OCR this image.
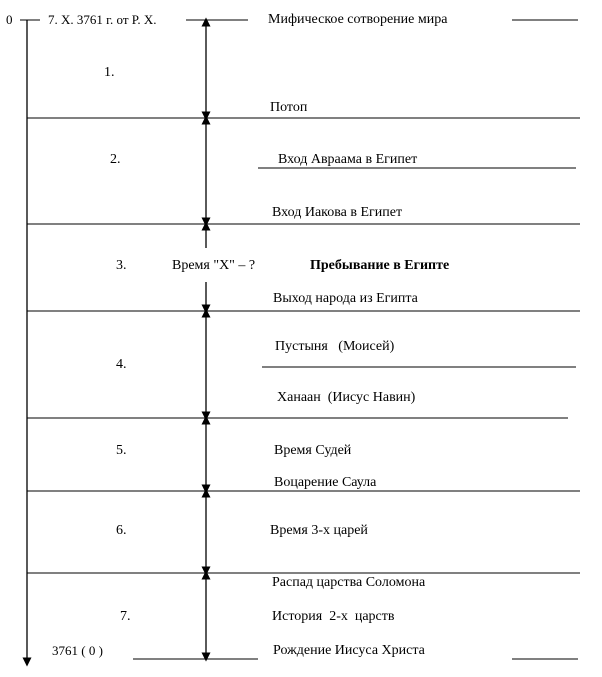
0	7. X. 3761 г. от Р. Х.
3761 ( 0 )
1.
2.
3.	Время "Х" – ?	Пребывание в Египте
4.
5.
6.
7.
Мифическое сотворение мира
Потоп
Вход Авраама в Египет
Вход Иакова в Египет
Выход народа из Египта
Пустыня   (Моисей)
Ханаан  (Иисус Навин)
Время Судей
Воцарение Саула
Время 3-х царей
Распад царства Соломона
История  2-х  царств
Рождение Иисуса Христа
